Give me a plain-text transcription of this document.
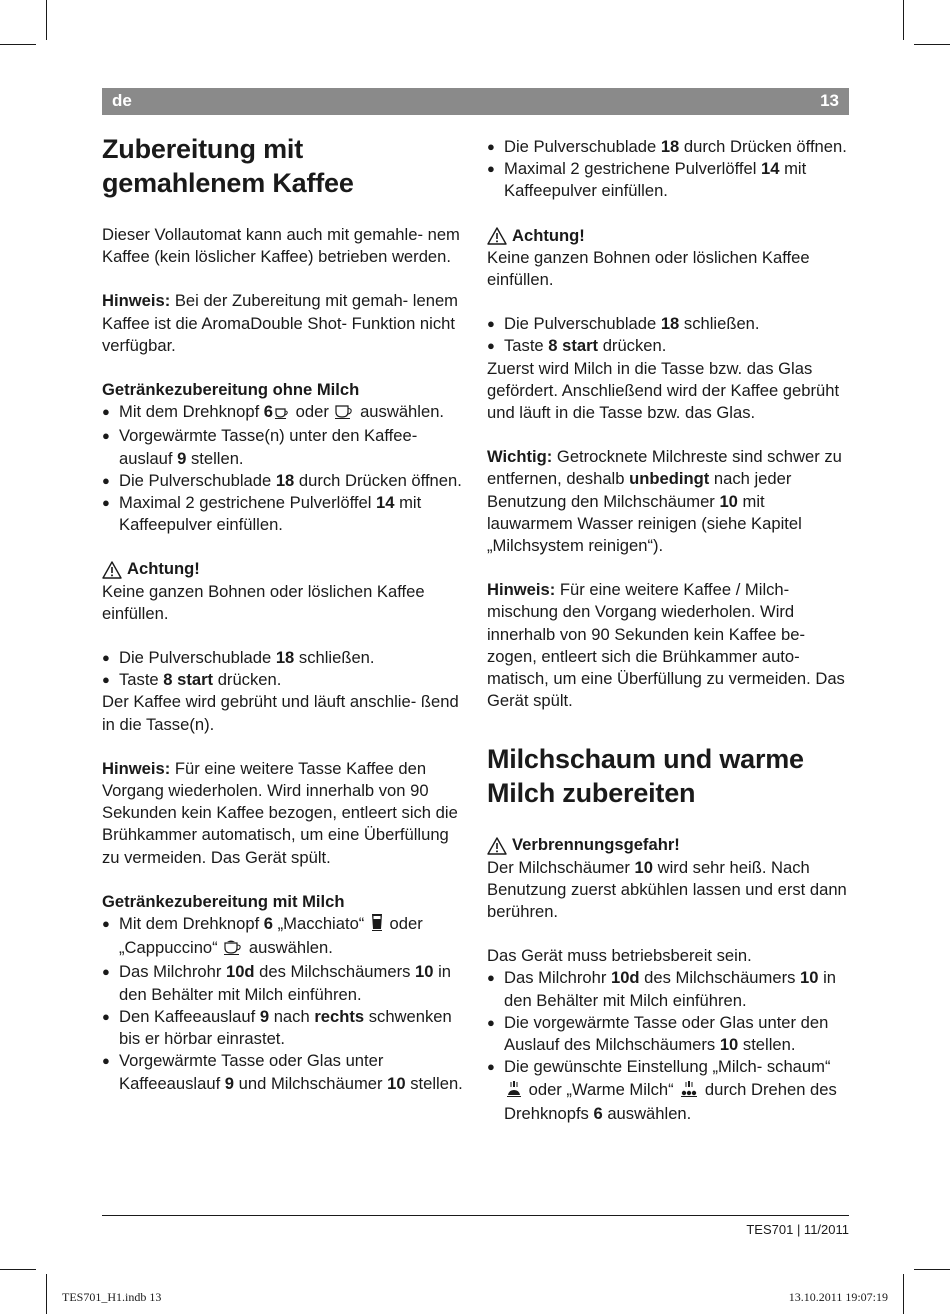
de	13
Zubereitung mit gemahlenem Kaffee

Dieser Vollautomat kann auch mit gemahle- nem Kaffee (kein löslicher Kaffee) betrieben werden.

Hinweis: Bei der Zubereitung mit gemah- lenem Kaffee ist die AromaDouble Shot- Funktion nicht verfügbar.

Getränkezubereitung ohne Milch
● Mit dem Drehknopf 6 oder  auswählen.
● Vorgewärmte Tasse(n) unter den Kaffee- auslauf 9 stellen.
● Die Pulverschublade 18 durch Drücken öffnen.
● Maximal 2 gestrichene Pulverlöffel 14 mit Kaffeepulver einfüllen.
Achtung!

Keine ganzen Bohnen oder löslichen Kaffee einfüllen.

● Die Pulverschublade 18 schließen.
● Taste 8 start drücken.

Der Kaffee wird gebrüht und läuft anschlie- ßend in die Tasse(n).

Hinweis: Für eine weitere Tasse Kaffee den Vorgang wiederholen. Wird innerhalb von 90 Sekunden kein Kaffee bezogen, entleert sich die Brühkammer automatisch, um eine Überfüllung zu vermeiden. Das Gerät spült.

Getränkezubereitung mit Milch
● Mit dem Drehknopf 6 „Macchiato“  oder „Cappuccino“  auswählen.
● Das Milchrohr 10d des Milchschäumers 10 in den Behälter mit Milch einführen.
● Den Kaffeeauslauf 9 nach rechts schwenken bis er hörbar einrastet.
● Vorgewärmte Tasse oder Glas unter Kaffeeauslauf 9 und Milchschäumer 10 stellen.
● Die Pulverschublade 18 durch Drücken öffnen.
● Maximal 2 gestrichene Pulverlöffel 14 mit Kaffeepulver einfüllen.
Achtung!

Keine ganzen Bohnen oder löslichen Kaffee einfüllen.

● Die Pulverschublade 18 schließen.
● Taste 8 start drücken.

Zuerst wird Milch in die Tasse bzw. das Glas gefördert. Anschließend wird der Kaffee gebrüht und läuft in die Tasse bzw. das Glas.

Wichtig: Getrocknete Milchreste sind schwer zu entfernen, deshalb unbedingt nach jeder Benutzung den Milchschäumer 10 mit lauwarmem Wasser reinigen (siehe Kapitel „Milchsystem reinigen“).

Hinweis: Für eine weitere Kaffee / Milch- mischung den Vorgang wiederholen. Wird innerhalb von 90 Sekunden kein Kaffee be- zogen, entleert sich die Brühkammer auto- matisch, um eine Überfüllung zu vermeiden. Das Gerät spült.

Milchschaum und warme Milch zubereiten
Verbrennungsgefahr!

Der Milchschäumer 10 wird sehr heiß. Nach Benutzung zuerst abkühlen lassen und erst dann berühren.

Das Gerät muss betriebsbereit sein.

● Das Milchrohr 10d des Milchschäumers 10 in den Behälter mit Milch einführen.
● Die vorgewärmte Tasse oder Glas unter den Auslauf des Milchschäumers 10 stellen.
● Die gewünschte Einstellung „Milch- schaum“  oder „Warme Milch“  durch Drehen des Drehknopfs 6 auswählen.
TES701 | 11/2011
TES701_H1.indb 13	13.10.2011 19:07:19
